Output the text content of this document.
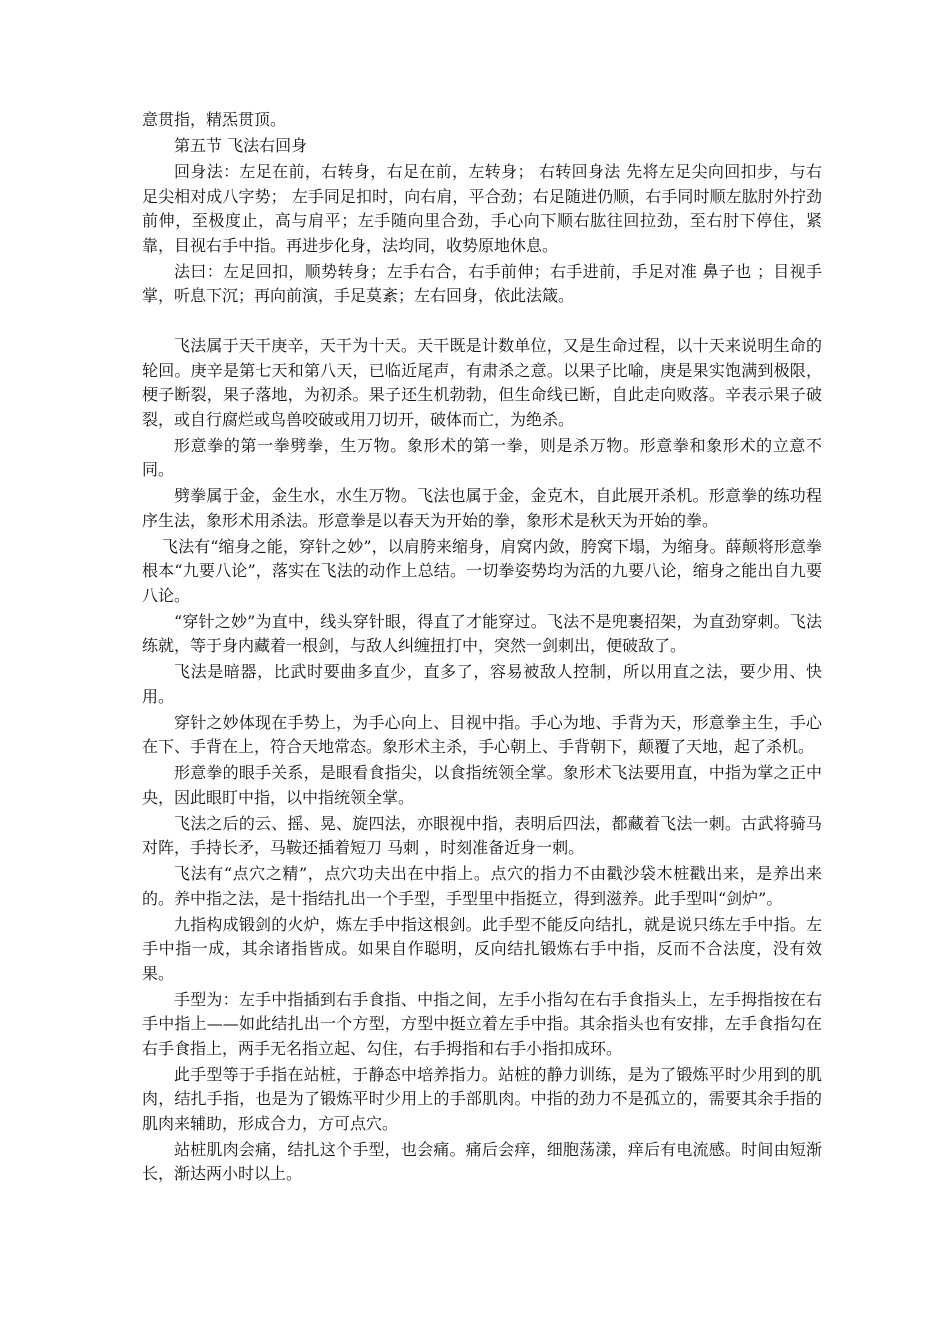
意贯指，精炁贯顶。

第五节 飞法右回身

回身法：左足在前，右转身，右足在前，左转身； 右转回身法 先将左足尖向回扣步，与右足尖相对成八字势； 左手同足扣时，向右肩，平合劲；右足随进仍顺，右手同时顺左肱肘外拧劲前伸，至极度止，高与肩平；左手随向里合劲，手心向下顺右肱往回拉劲，至右肘下停住，紧靠，目视右手中指。再进步化身，法均同，收势原地休息。

法曰：左足回扣，顺势转身；左手右合，右手前伸；右手进前，手足对准 鼻子也 ；目视手掌，听息下沉；再向前演，手足莫紊；左右回身，依此法箴。

飞法属于天干庚辛，天干为十天。天干既是计数单位，又是生命过程，以十天来说明生命的轮回。庚辛是第七天和第八天，已临近尾声，有肃杀之意。以果子比喻，庚是果实饱满到极限，梗子断裂，果子落地，为初杀。果子还生机勃勃，但生命线已断，自此走向败落。辛表示果子破裂，或自行腐烂或鸟兽咬破或用刀切开，破体而亡，为绝杀。

形意拳的第一拳劈拳，生万物。象形术的第一拳，则是杀万物。形意拳和象形术的立意不同。

劈拳属于金，金生水，水生万物。飞法也属于金，金克木，自此展开杀机。形意拳的练功程序生法，象形术用杀法。形意拳是以春天为开始的拳，象形术是秋天为开始的拳。

飞法有“缩身之能，穿针之妙”，以肩胯来缩身，肩窝内敛，胯窝下塌，为缩身。薛颠将形意拳根本“九要八论”，落实在飞法的动作上总结。一切拳姿势均为活的九要八论，缩身之能出自九要八论。

“穿针之妙”为直中，线头穿针眼，得直了才能穿过。飞法不是兜裹招架，为直劲穿刺。飞法练就，等于身内藏着一根剑，与敌人纠缠扭打中，突然一剑刺出，便破敌了。

飞法是暗器，比武时要曲多直少，直多了，容易被敌人控制，所以用直之法，要少用、快用。

穿针之妙体现在手势上，为手心向上、目视中指。手心为地、手背为天，形意拳主生，手心在下、手背在上，符合天地常态。象形术主杀，手心朝上、手背朝下，颠覆了天地，起了杀机。

形意拳的眼手关系，是眼看食指尖，以食指统领全掌。象形术飞法要用直，中指为掌之正中央，因此眼盯中指，以中指统领全掌。

飞法之后的云、摇、晃、旋四法，亦眼视中指，表明后四法，都藏着飞法一刺。古武将骑马对阵，手持长矛，马鞍还插着短刀 马刺 ，时刻准备近身一刺。

飞法有“点穴之精”，点穴功夫出在中指上。点穴的指力不由戳沙袋木桩戳出来，是养出来的。养中指之法，是十指结扎出一个手型，手型里中指挺立，得到滋养。此手型叫“剑炉”。

九指构成锻剑的火炉，炼左手中指这根剑。此手型不能反向结扎，就是说只练左手中指。左手中指一成，其余诸指皆成。如果自作聪明，反向结扎锻炼右手中指，反而不合法度，没有效果。

手型为：左手中指插到右手食指、中指之间，左手小指勾在右手食指头上，左手拇指按在右手中指上——如此结扎出一个方型，方型中挺立着左手中指。其余指头也有安排，左手食指勾在右手食指上，两手无名指立起、勾住，右手拇指和右手小指扣成环。

此手型等于手指在站桩，于静态中培养指力。站桩的静力训练，是为了锻炼平时少用到的肌肉，结扎手指，也是为了锻炼平时少用上的手部肌肉。中指的劲力不是孤立的，需要其余手指的肌肉来辅助，形成合力，方可点穴。

站桩肌肉会痛，结扎这个手型，也会痛。痛后会痒，细胞荡漾，痒后有电流感。时间由短渐长，渐达两小时以上。
